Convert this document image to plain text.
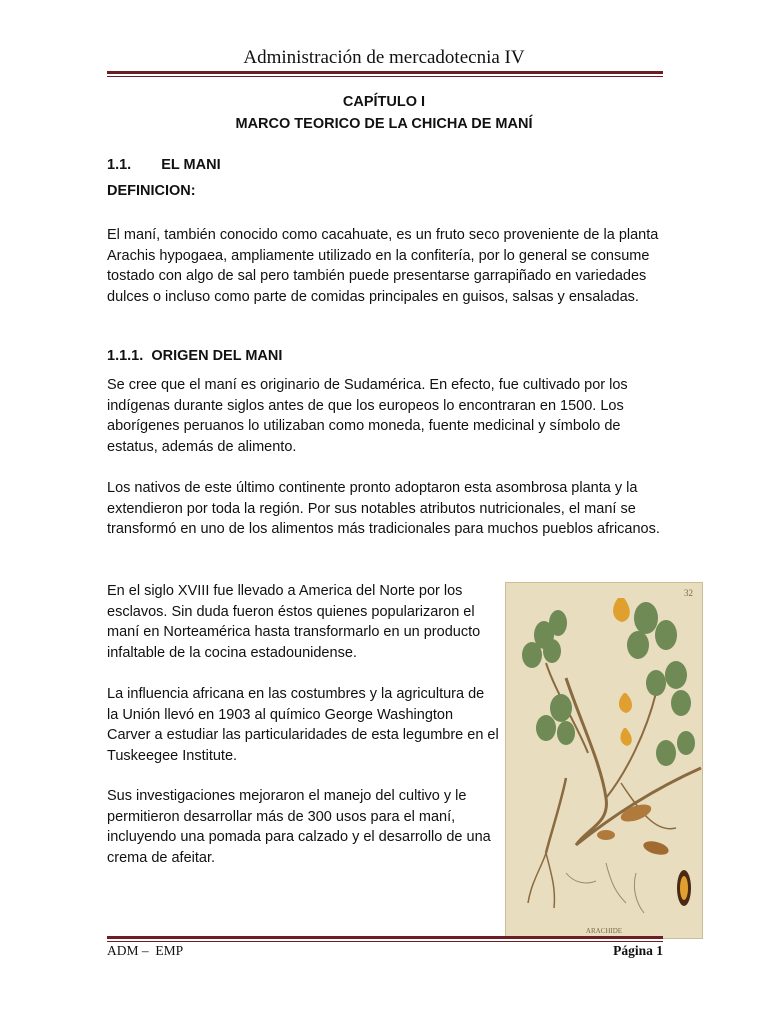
Administración de mercadotecnia IV
CAPÍTULO I
MARCO TEORICO DE LA CHICHA DE MANÍ
1.1. EL MANI
DEFINICION:
El maní, también conocido como cacahuate, es un fruto seco proveniente de la planta Arachis hypogaea, ampliamente utilizado en la confitería, por lo general se consume tostado con algo de sal pero también puede presentarse garrapiñado en variedades dulces o incluso como parte de comidas principales en guisos, salsas y ensaladas.
1.1.1.  ORIGEN DEL MANI
Se cree que el maní es originario de Sudamérica. En efecto, fue cultivado por los indígenas durante siglos antes de que los europeos lo encontraran en 1500. Los aborígenes peruanos lo utilizaban como moneda, fuente medicinal y símbolo de estatus, además de alimento.
Los nativos de este último continente pronto adoptaron esta asombrosa planta y la extendieron por toda la región. Por sus notables atributos nutricionales, el maní se transformó en uno de los alimentos más tradicionales para muchos pueblos africanos.
En el siglo XVIII fue llevado a America del Norte por los esclavos. Sin duda fueron éstos quienes popularizaron el maní en Norteamérica hasta transformarlo en un producto infaltable de la cocina estadounidense.
La influencia africana en las costumbres y la agricultura de la Unión llevó en 1903 al químico George Washington Carver a estudiar las particularidades de esta legumbre en el Tuskeegee Institute.
Sus investigaciones mejoraron el manejo del cultivo y le permitieron desarrollar más de 300 usos para el maní, incluyendo una pomada para calzado y el desarrollo de una crema de afeitar.
32
ARACHIDE
ADM –  EMP	Página 1
